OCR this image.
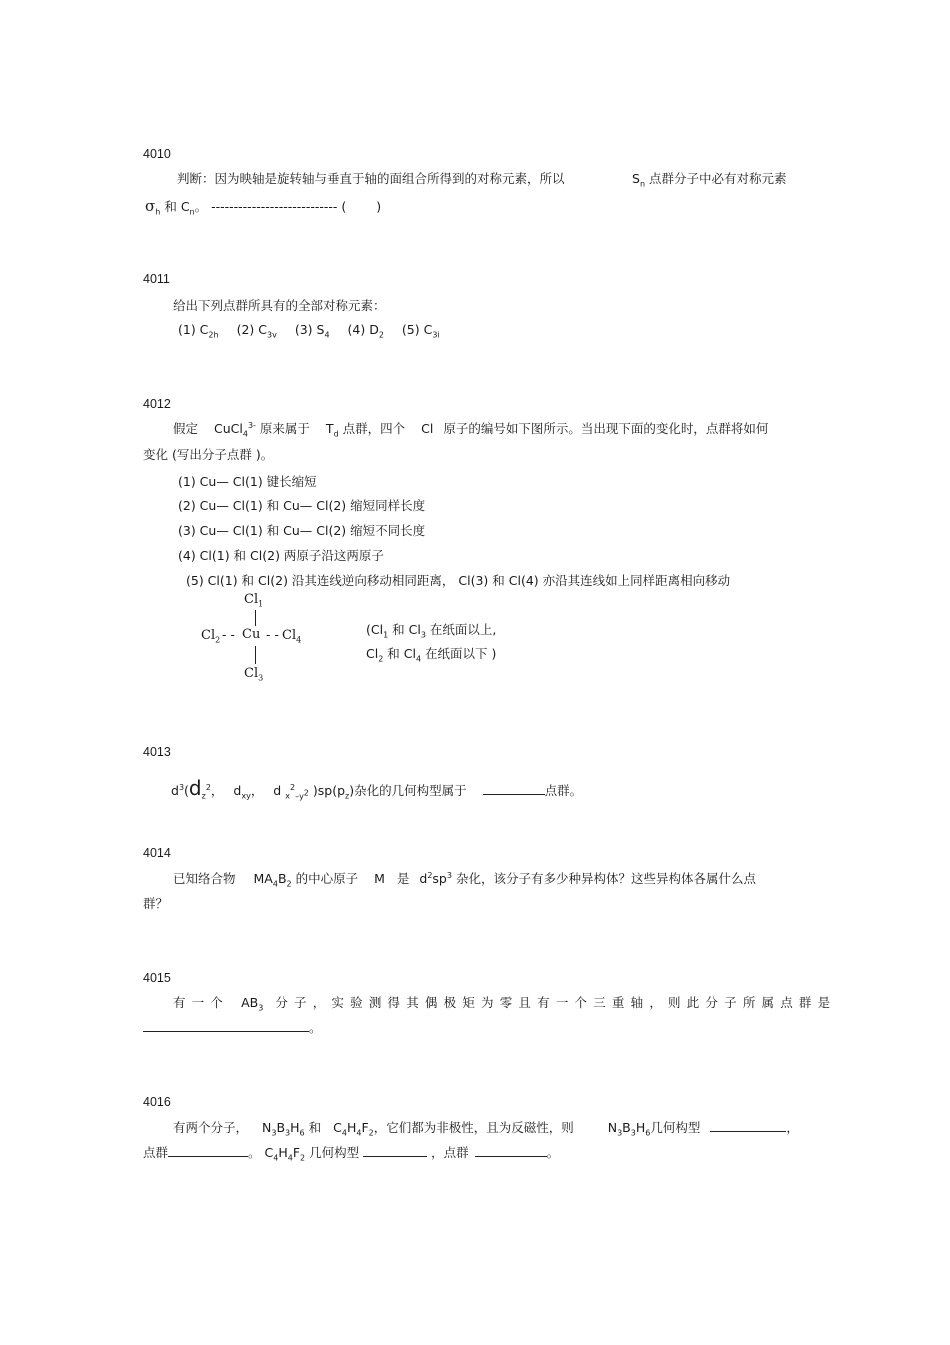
4010
判断：因为映轴是旋转轴与垂直于轴的面组合所得到的对称元素，所以	$S_n$ 点群分子中必有对称元素
$\sigma_h$ 和 $C_n$。 ---------------------------- ( )
4011
给出下列点群所具有的全部对称元素：
(1) $C_{2h}$ (2) $C_{3v}$ (3) $S_4$ (4) $D_2$ (5) $C_{3i}$
4012
假定 CuCl$_4^{3-}$ 原来属于 $T_d$ 点群，四个 Cl 原子的编号如下图所示。当出现下面的变化时，点群将如何
变化 (写出分子点群 )。
(1) Cu— Cl(1) 键长缩短
(2) Cu— Cl(1) 和 Cu— Cl(2) 缩短同样长度
(3) Cu— Cl(1) 和 Cu— Cl(2) 缩短不同长度
(4) Cl(1) 和 Cl(2) 两原子沿这两原子
(5) Cl(1) 和 Cl(2) 沿其连线逆向移动相同距离， Cl(3) 和 Cl(4) 亦沿其连线如上同样距离相向移动
$Cl_1$
$Cl_2$ - - Cu - - $Cl_4$
$Cl_3$
($Cl_1$ 和 $Cl_3$ 在纸面以上,
$Cl_2$ 和 $Cl_4$ 在纸面以下 )
4013
$d^3(d_z^2$， $d_{xy}$， d $_x^2_{-y^2}$ )$sp(p_z)$杂化的几何构型属于	点群。
4014
已知络合物 $MA_4B_2$ 的中心原子 M 是 $d^2sp^3$ 杂化，该分子有多少种异构体？这些异构体各属什么点
群？
4015
有一个 $AB_3$ 分子，实验测得其偶极矩为零且有一个三重轴，则此分子所属点群是
。
4016
有两个分子， $N_3B_3H_6$ 和 $C_4H_4F_2$，它们都为非极性，且为反磁性，则	$N_3B_3H_6$几何构型	，
点群	。 $C_4H_4F_2$ 几何构型	，点群	。
